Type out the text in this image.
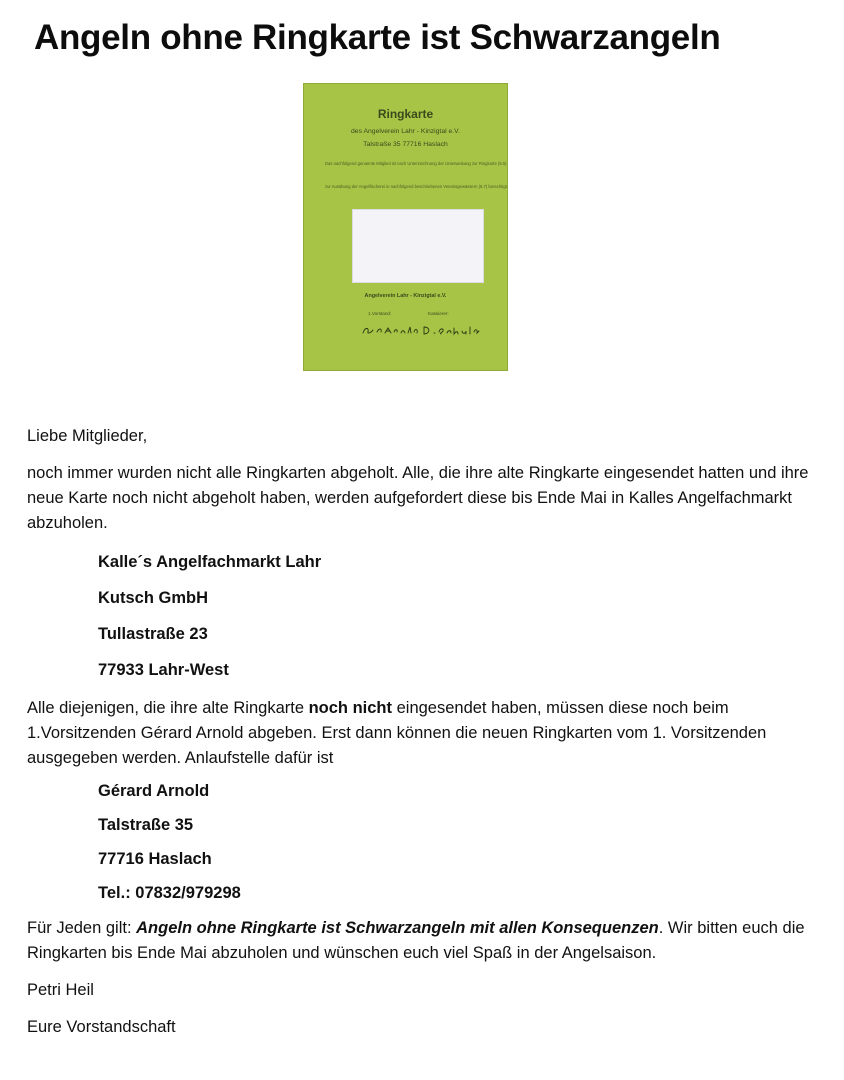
Angeln ohne Ringkarte ist Schwarzangeln
Ringkarte
des Angelverein Lahr - Kinzigtal e.V.
Talstraße 35 77716 Haslach
Das nachfolgend genannte Mitglied ist nach Unterzeichnung der Unterweisung zur Ringkarte (5.5)
zur Ausübung der Angelfischerei in nachfolgend beschriebenen Vereinsgewässern (5.7) berechtigt.
Angelverein Lahr - Kinzigtal e.V.
1.Vorstand:	Kassierer:

Liebe Mitglieder,

noch immer wurden nicht alle Ringkarten abgeholt. Alle, die ihre alte Ringkarte eingesendet hatten und ihre neue Karte noch nicht abgeholt haben, werden aufgefordert diese bis Ende Mai in Kalles Angelfachmarkt abzuholen.

Kalle´s Angelfachmarkt Lahr

Kutsch GmbH

Tullastraße 23

77933 Lahr-West

Alle diejenigen, die ihre alte Ringkarte noch nicht eingesendet haben, müssen diese noch beim 1.Vorsitzenden Gérard Arnold abgeben. Erst dann können die neuen Ringkarten vom 1. Vorsitzenden ausgegeben werden. Anlaufstelle dafür ist

Gérard Arnold

Talstraße 35

77716 Haslach

Tel.: 07832/979298

Für Jeden gilt: Angeln ohne Ringkarte ist Schwarzangeln mit allen Konsequenzen. Wir bitten euch die Ringkarten bis Ende Mai abzuholen und wünschen euch viel Spaß in der Angelsaison.

Petri Heil

Eure Vorstandschaft
